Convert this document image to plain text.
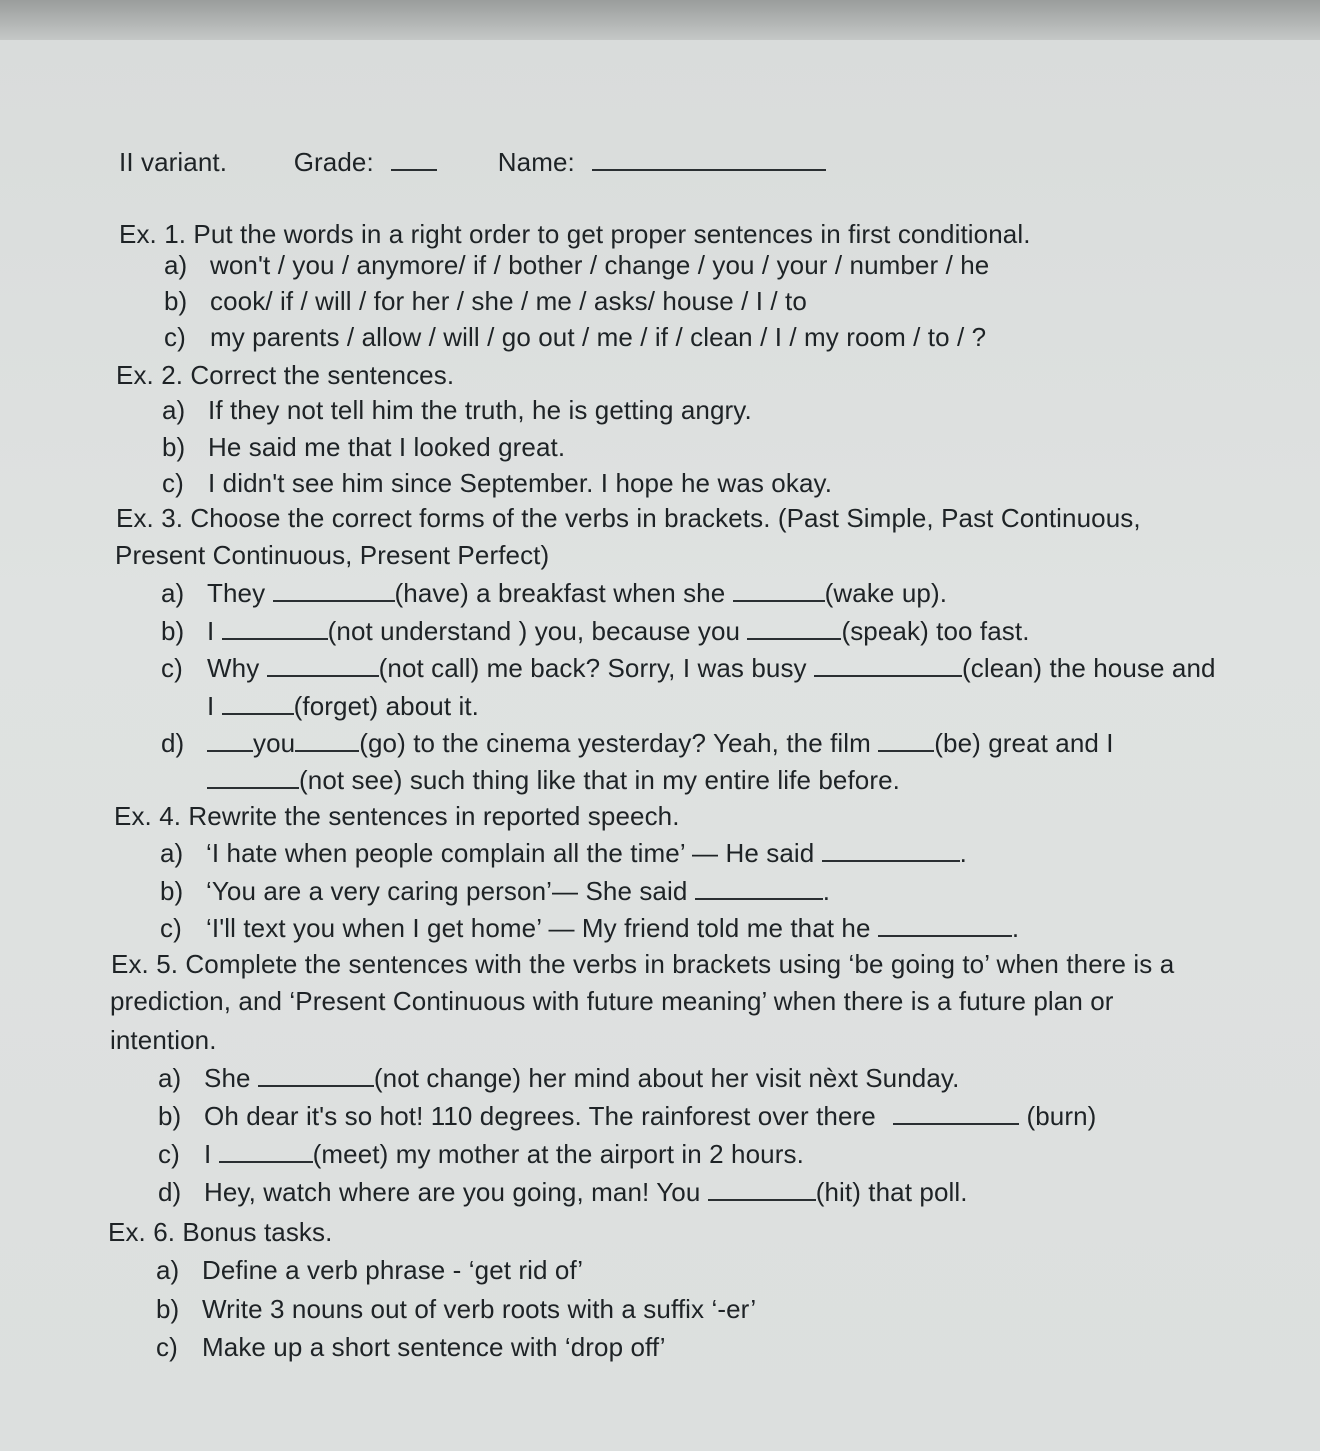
II variant.	Grade:	Name:
Ex. 1. Put the words in a right order to get proper sentences in first conditional.
a) won't / you / anymore/ if / bother / change / you / your / number / he
b) cook/ if / will / for her / she / me / asks/ house / I / to
c) my parents / allow / will / go out / me / if / clean / I / my room / to / ?
Ex. 2. Correct the sentences.
a) If they not tell him the truth, he is getting angry.
b) He said me that I looked great.
c) I didn't see him since September. I hope he was okay.
Ex. 3. Choose the correct forms of the verbs in brackets. (Past Simple, Past Continuous,
Present Continuous, Present Perfect)
a) They	(have) a breakfast when she	(wake up).
b) I	(not understand ) you, because you	(speak) too fast.
c) Why	(not call) me back? Sorry, I was busy	(clean) the house and
I	(forget) about it.
d)	you (go) to the cinema yesterday? Yeah, the film (be) great and I
(not see) such thing like that in my entire life before.
Ex. 4. Rewrite the sentences in reported speech.
a) ‘I hate when people complain all the time’ — He said	.
b) ‘You are a very caring person’— She said	.
c) ‘I'll text you when I get home’ — My friend told me that he	.
Ex. 5. Complete the sentences with the verbs in brackets using ‘be going to’ when there is a
prediction, and ‘Present Continuous with future meaning’ when there is a future plan or
intention.
a) She	(not change) her mind about her visit nèxt Sunday.
b) Oh dear it's so hot! 110 degrees. The rainforest over there	(burn)
c) I	(meet) my mother at the airport in 2 hours.
d) Hey, watch where are you going, man! You	(hit) that poll.
Ex. 6. Bonus tasks.
a) Define a verb phrase - ‘get rid of’
b) Write 3 nouns out of verb roots with a suffix ‘-er’
c) Make up a short sentence with ‘drop off’
